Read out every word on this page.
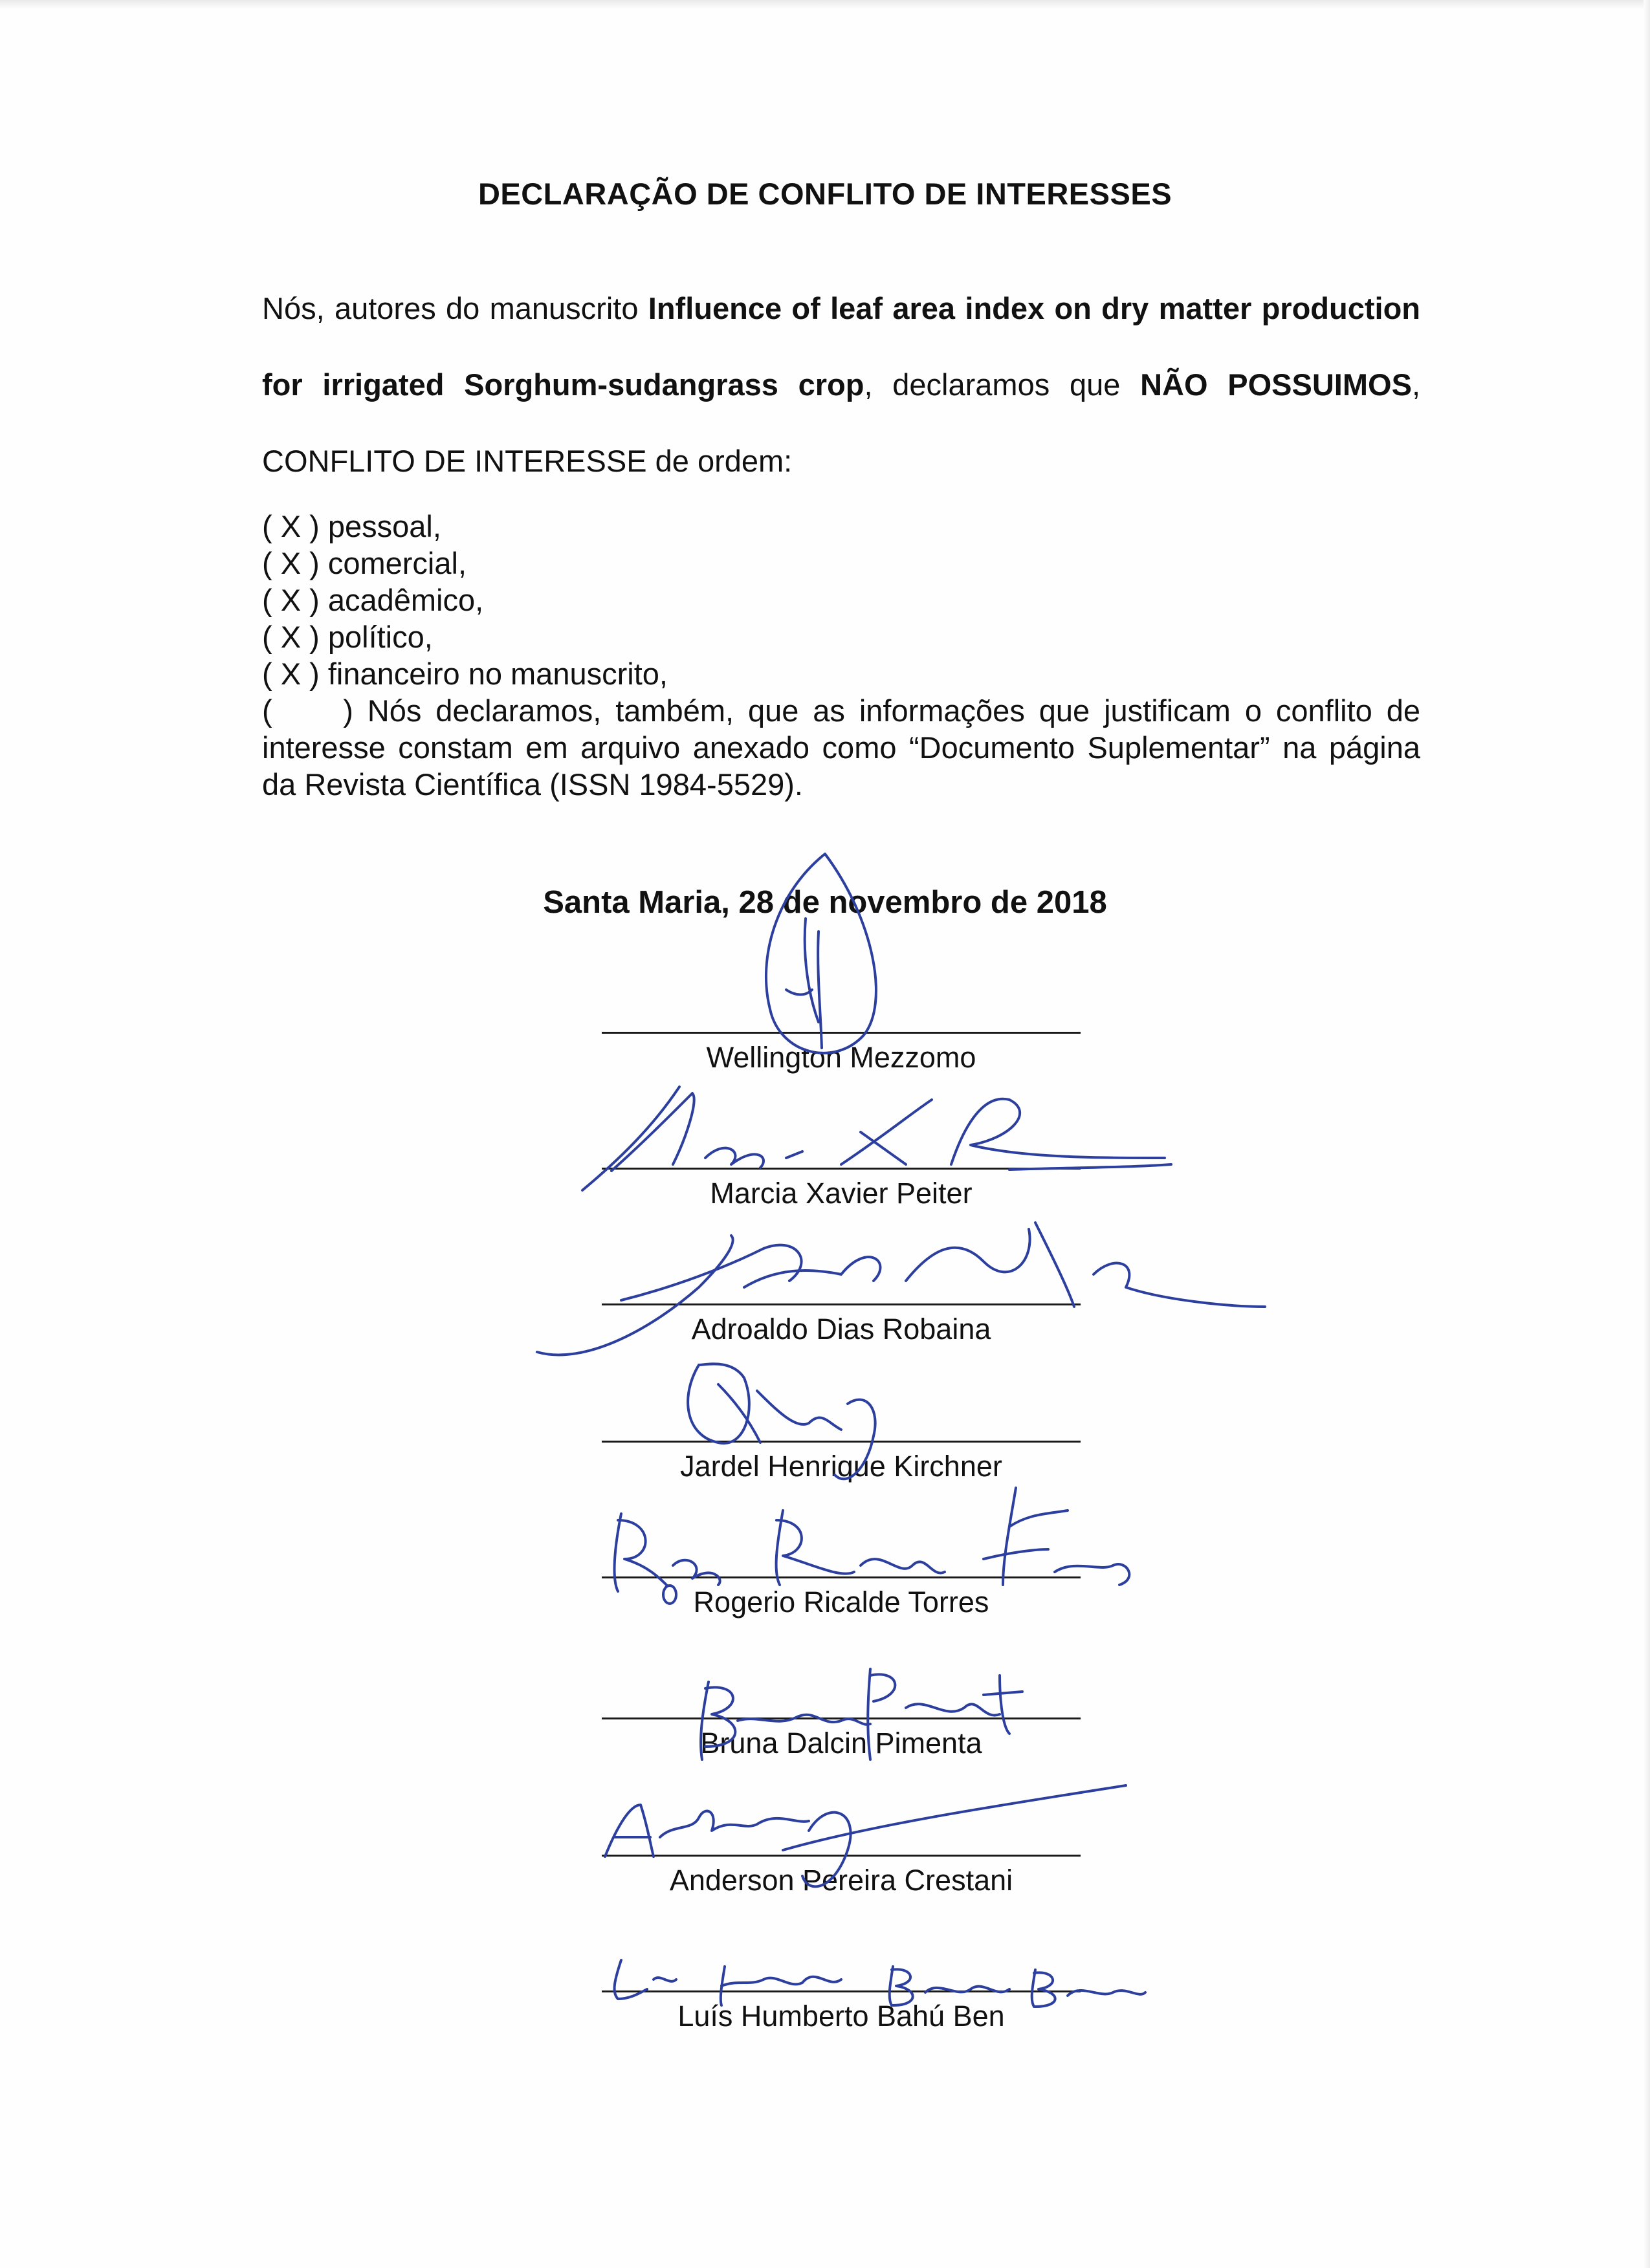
DECLARAÇÃO DE CONFLITO DE INTERESSES
Nós, autores do manuscrito Influence of leaf area index on dry matter production for irrigated Sorghum-sudangrass crop, declaramos que NÃO POSSUIMOS, CONFLITO DE INTERESSE de ordem:
( X ) pessoal,
( X ) comercial,
( X ) acadêmico,
( X ) político,
( X ) financeiro no manuscrito,
(     ) Nós declaramos, também, que as informações que justificam o conflito de interesse constam em arquivo anexado como “Documento Suplementar” na página da Revista Científica (ISSN 1984-5529).
Santa Maria, 28 de novembro de 2018
Wellington Mezzomo
Marcia Xavier Peiter
Adroaldo Dias Robaina
Jardel Henrique Kirchner
Rogerio Ricalde Torres
Bruna Dalcin Pimenta
Anderson Pereira Crestani
Luís Humberto Bahú Ben
